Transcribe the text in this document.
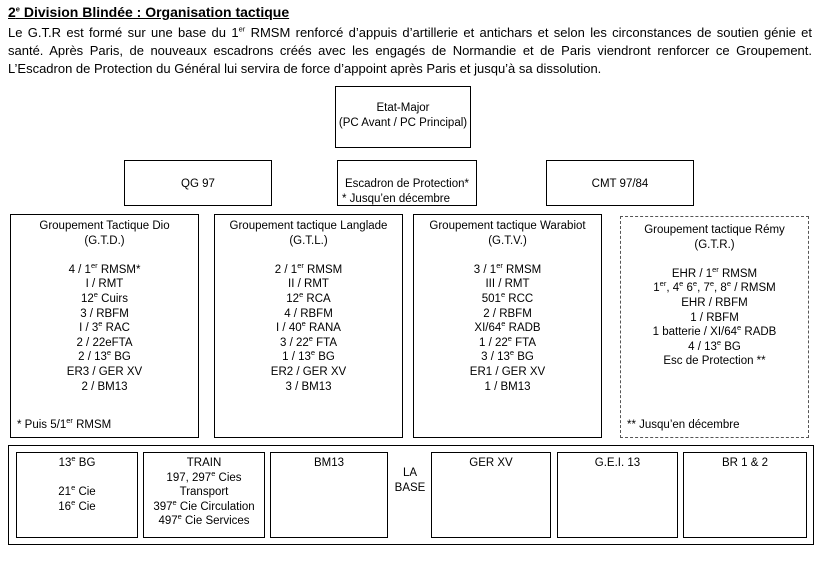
2e Division Blindée : Organisation tactique
Le G.T.R est formé sur une base du 1er RMSM renforcé d’appuis d’artillerie et antichars et selon les circonstances de soutien génie et santé. Après Paris, de nouveaux escadrons créés avec les engagés de Normandie et de Paris viendront renforcer ce Groupement. L’Escadron de Protection du Général lui servira de force d’appoint après Paris et jusqu’à sa dissolution.
Etat-Major
(PC Avant / PC Principal)
QG 97	Escadron de Protection*
* Jusqu’en décembre
CMT 97/84
Groupement Tactique Dio
(G.T.D.)
4 / 1er RMSM*
I / RMT
12e Cuirs
3 / RBFM
I / 3e RAC
2 / 22eFTA
2 / 13e BG
ER3 / GER XV
2 / BM13
* Puis 5/1er RMSM
Groupement tactique Langlade
(G.T.L.)
2 / 1er RMSM
II / RMT
12e RCA
4 / RBFM
I / 40e RANA
3 / 22e FTA
1 / 13e BG
ER2 / GER XV
3 / BM13
Groupement tactique Warabiot
(G.T.V.)
3 / 1er RMSM
III / RMT
501e RCC
2 / RBFM
XI/64e RADB
1 / 22e FTA
3 / 13e BG
ER1 / GER XV
1 / BM13
Groupement tactique Rémy
(G.T.R.)
EHR / 1er RMSM
1er, 4e 6e, 7e, 8e / RMSM
EHR / RBFM
1 / RBFM
1 batterie / XI/64e RADB
4 / 13e BG
Esc de Protection **
** Jusqu’en décembre
13e BG
21e Cie
16e Cie
TRAIN
197, 297e Cies
Transport
397e Cie Circulation
497e Cie Services
BM13
LA
BASE
GER XV	G.E.I. 13	BR 1 & 2
